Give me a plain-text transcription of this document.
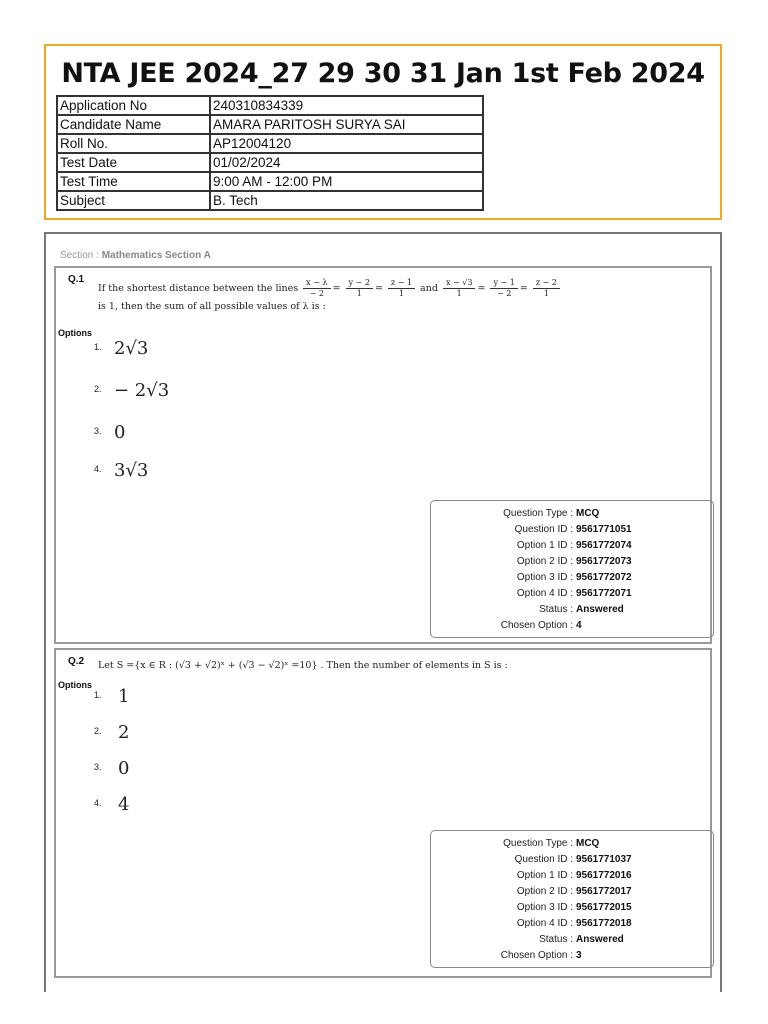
NTA JEE 2024_27 29 30 31 Jan 1st Feb 2024
Application No	240310834339
Candidate Name	AMARA PARITOSH SURYA SAI
Roll No.	AP12004120
Test Date	01/02/2024
Test Time	9:00 AM - 12:00 PM
Subject	B. Tech
Section : Mathematics Section A
Q.1
If the shortest distance between the lines $\frac{x - \lambda}{- 2} = \frac{y - 2}{1} = \frac{z - 1}{1}$ and $\frac{x - √3}{1} = \frac{y - 1}{- 2} = \frac{z - 2}{1}$

is 1, then the sum of all possible values of λ is :
Options
1. 2√3
2. − 2√3
3. 0
4. 3√3
Question Type : MCQ
Question ID : 9561771051
Option 1 ID : 9561772074
Option 2 ID : 9561772073
Option 3 ID : 9561772072
Option 4 ID : 9561772071
Status : Answered
Chosen Option : 4
Q.2 Let S ={x ∈ R : (√3 + √2)ˣ + (√3 − √2)ˣ =10} . Then the number of elements in S is :
Options
1. 1
2. 2
3. 0
4. 4
Question Type : MCQ
Question ID : 9561771037
Option 1 ID : 9561772016
Option 2 ID : 9561772017
Option 3 ID : 9561772015
Option 4 ID : 9561772018
Status : Answered
Chosen Option : 3
